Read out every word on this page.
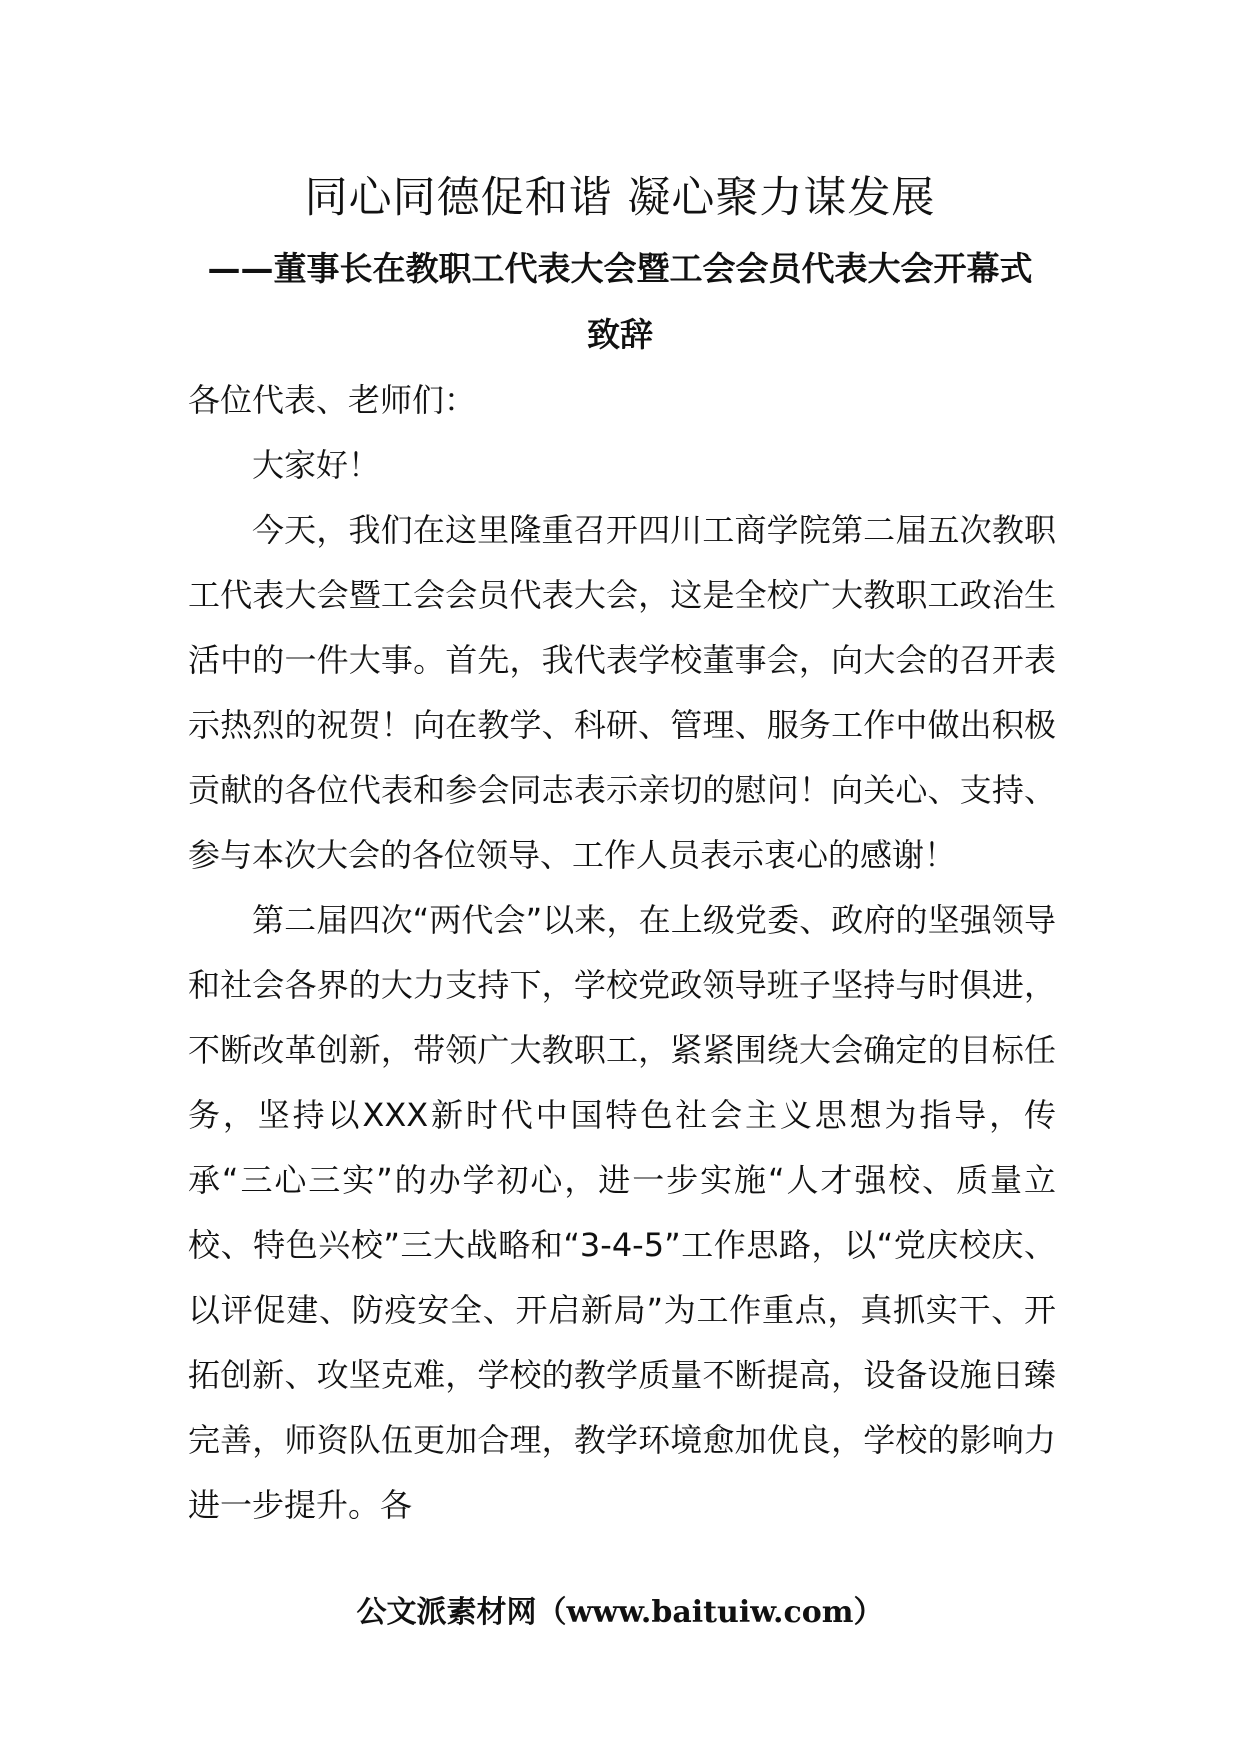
同心同德促和谐 凝心聚力谋发展
——董事长在教职工代表大会暨工会会员代表大会开幕式致辞

各位代表、老师们：

大家好！

今天，我们在这里隆重召开四川工商学院第二届五次教职工代表大会暨工会会员代表大会，这是全校广大教职工政治生活中的一件大事。首先，我代表学校董事会，向大会的召开表示热烈的祝贺！向在教学、科研、管理、服务工作中做出积极贡献的各位代表和参会同志表示亲切的慰问！向关心、支持、参与本次大会的各位领导、工作人员表示衷心的感谢！

第二届四次“两代会”以来，在上级党委、政府的坚强领导和社会各界的大力支持下，学校党政领导班子坚持与时俱进，不断改革创新，带领广大教职工，紧紧围绕大会确定的目标任务，坚持以XXX新时代中国特色社会主义思想为指导，传承“三心三实”的办学初心，进一步实施“人才强校、质量立校、特色兴校”三大战略和“3-4-5”工作思路，以“党庆校庆、以评促建、防疫安全、开启新局”为工作重点，真抓实干、开拓创新、攻坚克难，学校的教学质量不断提高，设备设施日臻完善，师资队伍更加合理，教学环境愈加优良，学校的影响力进一步提升。各

公文派素材网（www.baituiw.com）
